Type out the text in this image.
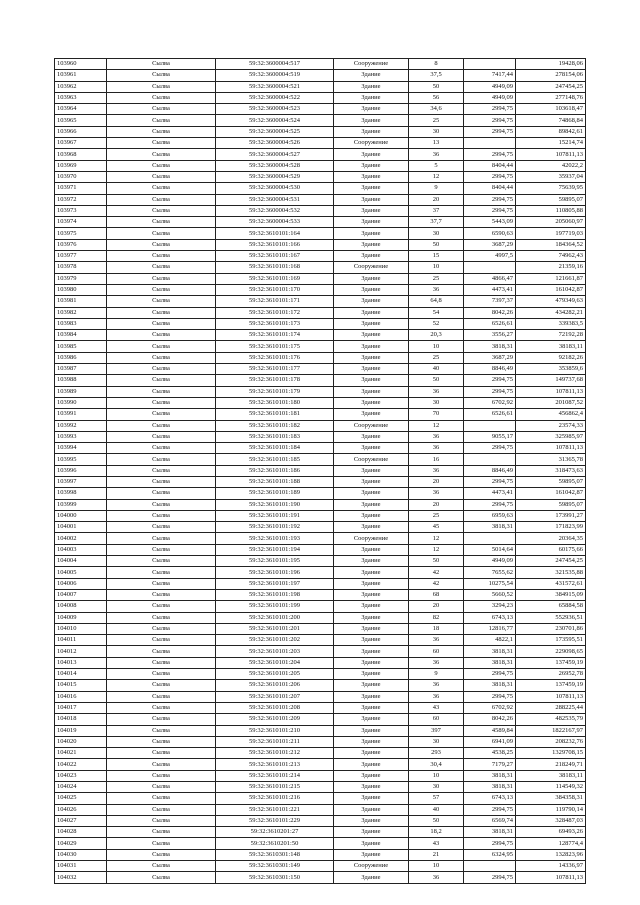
103960	Сылва	59:32:3600004:517	Сооружение	8		19428,06
103961	Сылва	59:32:3600004:519	Здание	37,5	7417,44	278154,06
103962	Сылва	59:32:3600004:521	Здание	50	4949,09	247454,25
103963	Сылва	59:32:3600004:522	Здание	56	4949,09	277148,76
103964	Сылва	59:32:3600004:523	Здание	34,6	2994,75	103618,47
103965	Сылва	59:32:3600004:524	Здание	25	2994,75	74868,84
103966	Сылва	59:32:3600004:525	Здание	30	2994,75	89842,61
103967	Сылва	59:32:3600004:526	Сооружение	13		15214,74
103968	Сылва	59:32:3600004:527	Здание	36	2994,75	107811,13
103969	Сылва	59:32:3600004:528	Здание	5	8404,44	42022,2
103970	Сылва	59:32:3600004:529	Здание	12	2994,75	35937,04
103971	Сылва	59:32:3600004:530	Здание	9	8404,44	75639,95
103972	Сылва	59:32:3600004:531	Здание	20	2994,75	59895,07
103973	Сылва	59:32:3600004:532	Здание	37	2994,75	110805,88
103974	Сылва	59:32:3600004:533	Здание	37,7	5443,09	205060,97
103975	Сылва	59:32:3610101:164	Здание	30	6590,63	197719,03
103976	Сылва	59:32:3610101:166	Здание	50	3687,29	184364,52
103977	Сылва	59:32:3610101:167	Здание	15	4997,5	74962,43
103978	Сылва	59:32:3610101:168	Сооружение	10		21359,16
103979	Сылва	59:32:3610101:169	Здание	25	4866,47	121661,87
103980	Сылва	59:32:3610101:170	Здание	36	4473,41	161042,87
103981	Сылва	59:32:3610101:171	Здание	64,8	7397,37	479349,63
103982	Сылва	59:32:3610101:172	Здание	54	8042,26	434282,21
103983	Сылва	59:32:3610101:173	Здание	52	6526,61	339383,5
103984	Сылва	59:32:3610101:174	Здание	20,3	3556,27	72192,28
103985	Сылва	59:32:3610101:175	Здание	10	3818,31	38183,11
103986	Сылва	59:32:3610101:176	Здание	25	3687,29	92182,26
103987	Сылва	59:32:3610101:177	Здание	40	8846,49	353859,6
103988	Сылва	59:32:3610101:178	Здание	50	2994,75	149737,68
103989	Сылва	59:32:3610101:179	Здание	36	2994,75	107811,13
103990	Сылва	59:32:3610101:180	Здание	30	6702,92	201087,52
103991	Сылва	59:32:3610101:181	Здание	70	6526,61	456862,4
103992	Сылва	59:32:3610101:182	Сооружение	12		23574,33
103993	Сылва	59:32:3610101:183	Здание	36	9055,17	325985,97
103994	Сылва	59:32:3610101:184	Здание	36	2994,75	107811,13
103995	Сылва	59:32:3610101:185	Сооружение	16		31365,78
103996	Сылва	59:32:3610101:186	Здание	36	8846,49	318473,63
103997	Сылва	59:32:3610101:188	Здание	20	2994,75	59895,07
103998	Сылва	59:32:3610101:189	Здание	36	4473,41	161042,87
103999	Сылва	59:32:3610101:190	Здание	20	2994,75	59895,07
104000	Сылва	59:32:3610101:191	Здание	25	6959,63	173991,27
104001	Сылва	59:32:3610101:192	Здание	45	3818,31	171823,99
104002	Сылва	59:32:3610101:193	Сооружение	12		20364,35
104003	Сылва	59:32:3610101:194	Здание	12	5014,64	60175,66
104004	Сылва	59:32:3610101:195	Здание	50	4949,09	247454,25
104005	Сылва	59:32:3610101:196	Здание	42	7655,62	321535,88
104006	Сылва	59:32:3610101:197	Здание	42	10275,54	431572,61
104007	Сылва	59:32:3610101:198	Здание	68	5660,52	384915,09
104008	Сылва	59:32:3610101:199	Здание	20	3294,23	65884,58
104009	Сылва	59:32:3610101:200	Здание	82	6743,13	552936,51
104010	Сылва	59:32:3610101:201	Здание	18	12816,77	230701,86
104011	Сылва	59:32:3610101:202	Здание	36	4822,1	173595,51
104012	Сылва	59:32:3610101:203	Здание	60	3818,31	229098,65
104013	Сылва	59:32:3610101:204	Здание	36	3818,31	137459,19
104014	Сылва	59:32:3610101:205	Здание	9	2994,75	26952,78
104015	Сылва	59:32:3610101:206	Здание	36	3818,31	137459,19
104016	Сылва	59:32:3610101:207	Здание	36	2994,75	107811,13
104017	Сылва	59:32:3610101:208	Здание	43	6702,92	288225,44
104018	Сылва	59:32:3610101:209	Здание	60	8042,26	482535,79
104019	Сылва	59:32:3610101:210	Здание	397	4589,84	1822167,97
104020	Сылва	59:32:3610101:211	Здание	30	6941,09	208232,76
104021	Сылва	59:32:3610101:212	Здание	293	4538,25	1329708,15
104022	Сылва	59:32:3610101:213	Здание	30,4	7179,27	218249,71
104023	Сылва	59:32:3610101:214	Здание	10	3818,31	38183,11
104024	Сылва	59:32:3610101:215	Здание	30	3818,31	114549,32
104025	Сылва	59:32:3610101:216	Здание	57	6743,13	384358,31
104026	Сылва	59:32:3610101:221	Здание	40	2994,75	119790,14
104027	Сылва	59:32:3610101:229	Здание	50	6569,74	328487,03
104028	Сылва	59:32:3610201:27	Здание	18,2	3818,31	69493,26
104029	Сылва	59:32:3610201:50	Здание	43	2994,75	128774,4
104030	Сылва	59:32:3610301:148	Здание	21	6324,95	132823,96
104031	Сылва	59:32:3610301:149	Сооружение	10		14336,97
104032	Сылва	59:32:3610301:150	Здание	36	2994,75	107811,13
